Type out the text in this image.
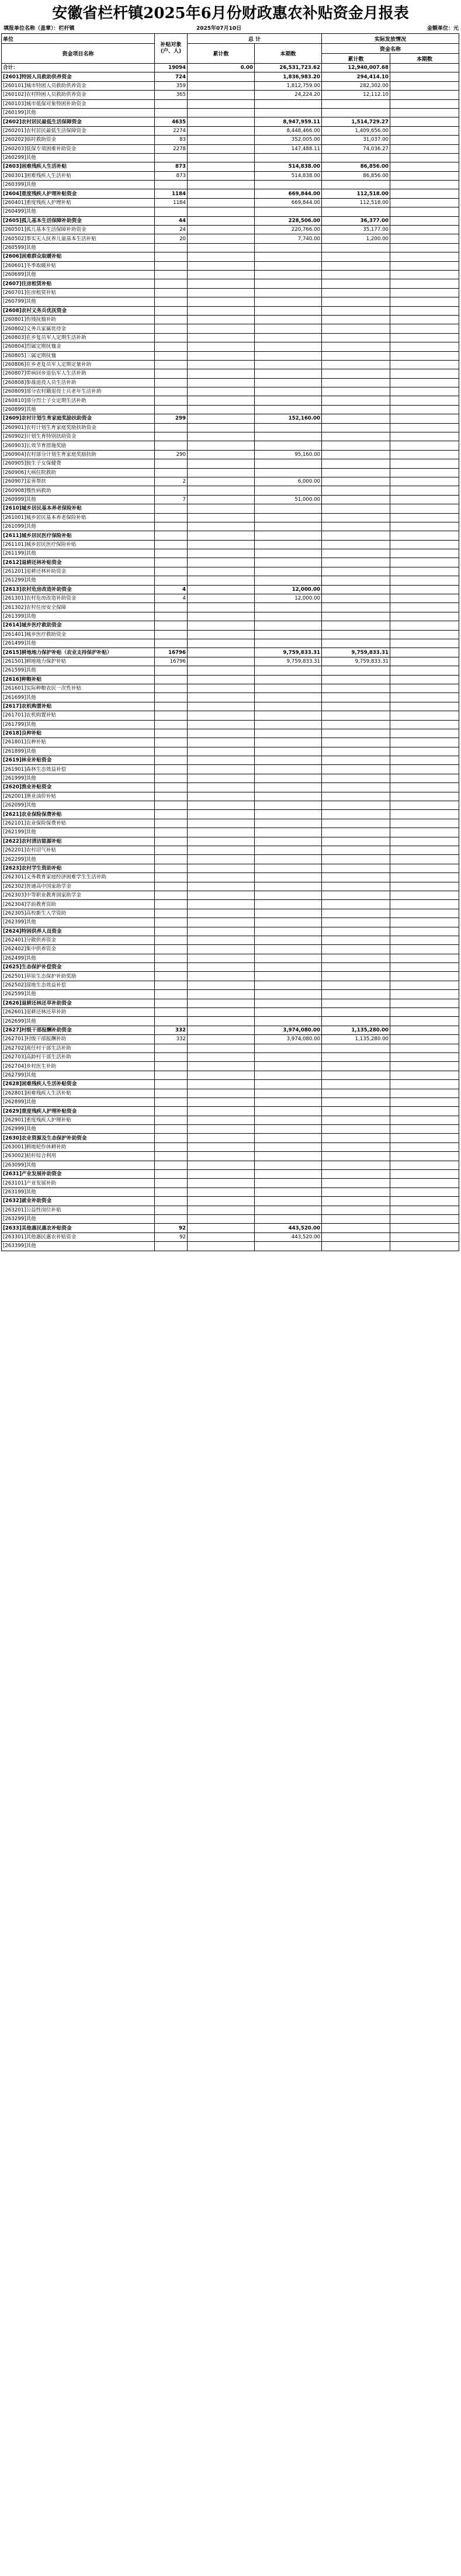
安徽省栏杆镇2025年6月份财政惠农补贴资金月报表
填报单位名称（盖章）：栏杆镇	2025年07月10日	金额单位：元
单位	补贴对象(户、人)	总 计		实际发放情况	
资金项目名称		累计数	本期数	资金名称	
				累计数	本期数
合计：	19094	0.00	26,531,723.62	12,940,007.68	
[2601]特困人员救助供养资金	724		1,836,983.20	294,414.10	
[260101]城市特困人员救助供养资金	359		1,812,759.00	282,302.00	
[260102]农村特困人员救助供养资金	365		24,224.20	12,112.10	
[260103]城市低保对象特困补助资金					
[260199]其他					
[2602]农村居民最低生活保障资金	4635		8,947,959.11	1,514,729.27	
[260201]农村居民最低生活保障资金	2274		8,448,466.00	1,409,656.00	
[260202]临时救助资金	83		352,005.00	31,037.00	
[260203]低保专项困难补助资金	2278		147,488.11	74,036.27	
[260299]其他					
[2603]困难残疾人生活补贴	873		514,838.00	86,856.00	
[260301]困难残疾人生活补贴	873		514,838.00	86,856.00	
[260399]其他					
[2604]重度残疾人护理补贴资金	1184		669,844.00	112,518.00	
[260401]重度残疾人护理补贴	1184		669,844.00	112,518.00	
[260499]其他					
[2605]孤儿基本生活保障补助资金	44		228,506.00	36,377.00	
[260501]孤儿基本生活保障补助资金	24		220,766.00	35,177.00	
[260502]事实无人抚养儿童基本生活补贴	20		7,740.00	1,200.00	
[260599]其他					
[2606]困难群众取暖补贴					
[260601]冬季取暖补贴					
[260699]其他					
[2607]住房租赁补贴					
[260701]住房租赁补贴					
[260799]其他					
[2608]农村义务兵优抚资金					
[260801]伤残抚恤补助					
[260802]义务兵家属优待金					
[260803]在乡复员军人定期生活补助					
[260804]烈属定期抚恤金					
[260805]三属定期抚恤					
[260806]在乡老复员军人定期定量补助					
[260807]带病回乡退伍军人生活补助					
[260808]参战退役人员生活补助					
[260809]部分农村籍退役士兵老年生活补助					
[260810]部分烈士子女定期生活补助					
[260899]其他					
[2609]农村计划生育家庭奖励扶助资金	299		152,160.00		
[260901]农村计划生育家庭奖励扶助资金					
[260902]计划生育特别扶助资金					
[260903]长效节育措施奖励					
[260904]农村部分计划生育家庭奖励扶助	290		95,160.00		
[260905]独生子女保健费					
[260906]大病住院救助					
[260907]妥善帮扶	2		6,000.00		
[260908]慢性病救助					
[260999]其他	7		51,000.00		
[2610]城乡居民基本养老保险补贴					
[261001]城乡居民基本养老保险补贴					
[261099]其他					
[2611]城乡居民医疗保险补贴					
[261101]城乡居民医疗保险补贴					
[261199]其他					
[2612]退耕还林补贴资金					
[261201]退耕还林补助资金					
[261299]其他					
[2613]农村危房改造补助资金	4		12,000.00		
[261301]农村危房改造补助资金	4		12,000.00		
[261302]农村住房安全保障					
[261399]其他					
[2614]城乡医疗救助资金					
[261401]城乡医疗救助资金					
[261499]其他					
[2615]耕地地力保护补贴（农业支持保护补贴）	16796		9,759,833.31	9,759,833.31	
[261501]耕地地力保护补贴	16796		9,759,833.31	9,759,833.31	
[261599]其他					
[2616]种粮补贴					
[261601]实际种粮农民一次性补贴					
[261699]其他					
[2617]农机购置补贴					
[261701]农机购置补贴					
[261799]其他					
[2618]良种补贴					
[261801]良种补贴					
[261899]其他					
[2619]林业补贴资金					
[261901]森林生态效益补偿					
[261999]其他					
[2620]渔业补贴资金					
[262001]渔业油价补贴					
[262099]其他					
[2621]农业保险保费补贴					
[262101]农业保险保费补贴					
[262199]其他					
[2622]农村清洁能源补贴					
[262201]农村沼气补贴					
[262299]其他					
[2623]农村学生资助补贴					
[262301]义务教育家庭经济困难学生生活补助					
[262302]普通高中国家助学金					
[262303]中等职业教育国家助学金					
[262304]学前教育资助					
[262305]高校新生入学资助					
[262399]其他					
[2624]特困供养人员资金					
[262401]分散供养资金					
[262402]集中供养资金					
[262499]其他					
[2625]生态保护补偿资金					
[262501]草原生态保护补助奖励					
[262502]湿地生态效益补偿					
[262599]其他					
[2626]退耕还林还草补助资金					
[262601]退耕还林还草补助					
[262699]其他					
[2627]村级干部报酬补助资金	332		3,974,080.00	1,135,280.00	
[262701]村级干部报酬补助	332		3,974,080.00	1,135,280.00	
[262702]离任村干部生活补助					
[262703]高龄村干部生活补助					
[262704]乡村医生补助					
[262799]其他					
[2628]困难残疾人生活补贴资金					
[262801]困难残疾人生活补贴					
[262899]其他					
[2629]重度残疾人护理补贴资金					
[262901]重度残疾人护理补贴					
[262999]其他					
[2630]农业资源及生态保护补助资金					
[263001]耕地轮作休耕补助					
[263002]秸秆综合利用					
[263099]其他					
[2631]产业发展补助资金					
[263101]产业发展补助					
[263199]其他					
[2632]就业补助资金					
[263201]公益性岗位补贴					
[263299]其他					
[2633]其他惠民惠农补贴资金	92		443,520.00		
[263301]其他惠民惠农补贴资金	92		443,520.00		
[263399]其他					
